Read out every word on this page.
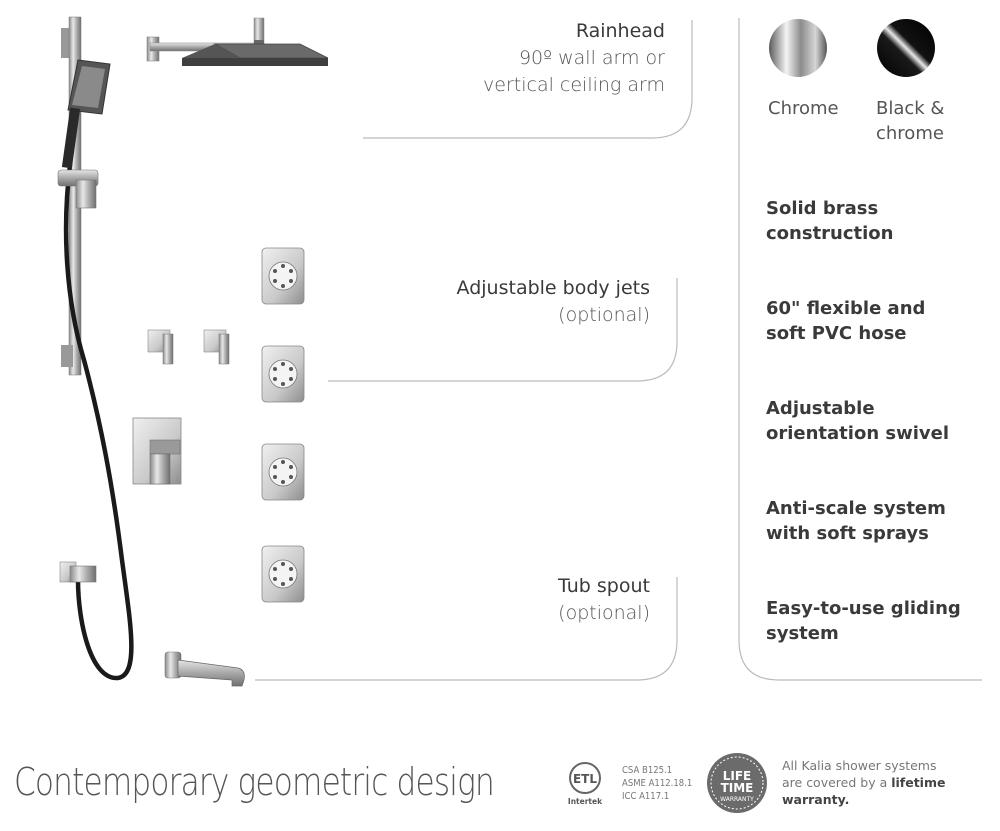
Rainhead
90º wall arm or
vertical ceiling arm
Adjustable body jets
(optional)
Tub spout
(optional)
Chrome	Black &
chrome
Solid brass
construction
60" flexible and
soft PVC hose
Adjustable
orientation swivel
Anti-scale system
with soft sprays
Easy-to-use gliding
system
Contemporary geometric design	ETL
Intertek
CSA B125.1
ASME A112.18.1
ICC A117.1
LIFE
TIME
WARRANTY
All Kalia shower systems
are covered by a lifetime
warranty.
